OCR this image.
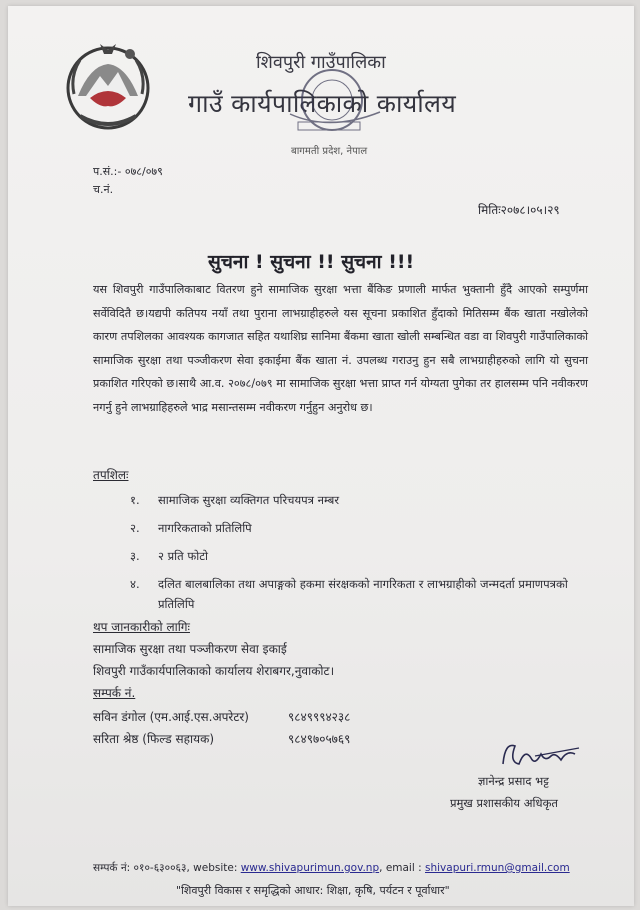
शिवपुरी गाउँपालिका
गाउँ कार्यपालिकाको कार्यालय
बागमती प्रदेश, नेपाल
प.सं.:- ०७८/०७९
च.नं.
मितिः२०७८।०५।२९
सुचना ! सुचना !! सुचना !!!
यस शिवपुरी गाउँपालिकाबाट वितरण हुने सामाजिक सुरक्षा भत्ता बैंकिङ प्रणाली मार्फत भुक्तानी हुँदै आएको सम्पुर्णमा सर्वेविदितै छ।यद्यपी कतिपय नयाँ तथा पुराना लाभग्राहीहरुले यस सूचना प्रकाशित हुँदाको मितिसम्म बैंक खाता नखोलेको कारण तपशिलका आवश्यक कागजात सहित यथाशिघ्र सानिमा बैंकमा खाता खोली सम्बन्धित वडा वा शिवपुरी गाउँपालिकाको सामाजिक सुरक्षा तथा पञ्जीकरण सेवा इकाईमा बैंक खाता नं. उपलब्ध गराउनु हुन सबै लाभग्राहीहरुको लागि यो सुचना प्रकाशित गरिएको छ।साथै आ.व. २०७८/०७९ मा सामाजिक सुरक्षा भत्ता प्राप्त गर्न योग्यता पुगेका तर हालसम्म पनि नवीकरण नगर्नु हुने लाभग्राहिहरुले भाद्र मसान्तसम्म नवीकरण गर्नुहुन अनुरोध छ।
तपशिलः
१.	सामाजिक सुरक्षा व्यक्तिगत परिचयपत्र नम्बर
२.	नागरिकताको प्रतिलिपि
३.	२ प्रति फोटो
४.	दलित बालबालिका तथा अपाङ्गको हकमा संरक्षकको नागरिकता र लाभग्राहीको जन्मदर्ता प्रमाणपत्रको प्रतिलिपि
थप जानकारीको लागिः
सामाजिक सुरक्षा तथा पञ्जीकरण सेवा इकाई
शिवपुरी गाउँकार्यपालिकाको कार्यालय शेराबगर,नुवाकोट।
सम्पर्क नं.
सविन डंगोल (एम.आई.एस.अपरेटर)	९८४९९९४२३८
सरिता श्रेष्ठ (फिल्ड सहायक)	९८४९७०५७६९
ज्ञानेन्द्र प्रसाद भट्ट
प्रमुख प्रशासकीय अधिकृत
सम्पर्क नं: ०१०-६३००६३, website: www.shivapurimun.gov.np, email : shivapuri.rmun@gmail.com
"शिवपुरी विकास र समृद्धिको आधार: शिक्षा, कृषि, पर्यटन र पूर्वाधार"
